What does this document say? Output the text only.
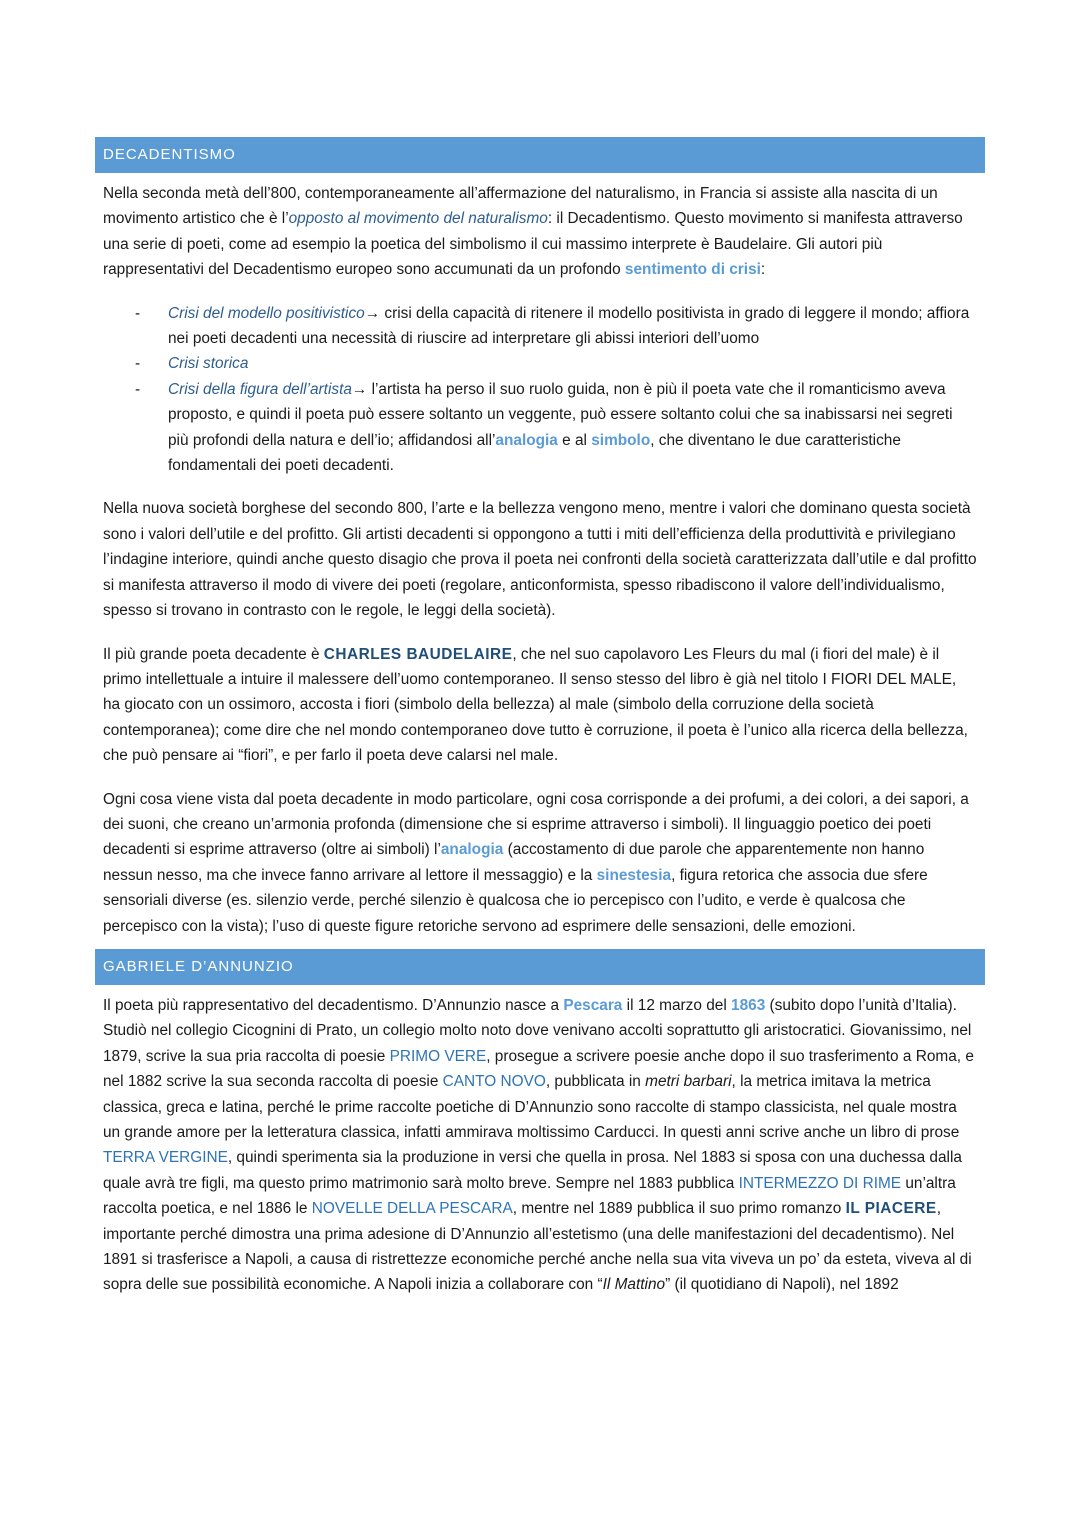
DECADENTISMO

Nella seconda metà dell’800, contemporaneamente all’affermazione del naturalismo, in Francia si assiste alla nascita di un movimento artistico che è l’opposto al movimento del naturalismo: il Decadentismo. Questo movimento si manifesta attraverso una serie di poeti, come ad esempio la poetica del simbolismo il cui massimo interprete è Baudelaire. Gli autori più rappresentativi del Decadentismo europeo sono accumunati da un profondo sentimento di crisi:

- Crisi del modello positivistico→ crisi della capacità di ritenere il modello positivista in grado di leggere il mondo; affiora nei poeti decadenti una necessità di riuscire ad interpretare gli abissi interiori dell’uomo
- Crisi storica
- Crisi della figura dell’artista→ l’artista ha perso il suo ruolo guida, non è più il poeta vate che il romanticismo aveva proposto, e quindi il poeta può essere soltanto un veggente, può essere soltanto colui che sa inabissarsi nei segreti più profondi della natura e dell’io; affidandosi all’analogia e al simbolo, che diventano le due caratteristiche fondamentali dei poeti decadenti.

Nella nuova società borghese del secondo 800, l’arte e la bellezza vengono meno, mentre i valori che dominano questa società sono i valori dell’utile e del profitto. Gli artisti decadenti si oppongono a tutti i miti dell’efficienza della produttività e privilegiano l’indagine interiore, quindi anche questo disagio che prova il poeta nei confronti della società caratterizzata dall’utile e dal profitto si manifesta attraverso il modo di vivere dei poeti (regolare, anticonformista, spesso ribadiscono il valore dell’individualismo, spesso si trovano in contrasto con le regole, le leggi della società).

Il più grande poeta decadente è CHARLES BAUDELAIRE, che nel suo capolavoro Les Fleurs du mal (i fiori del male) è il primo intellettuale a intuire il malessere dell’uomo contemporaneo. Il senso stesso del libro è già nel titolo I FIORI DEL MALE, ha giocato con un ossimoro, accosta i fiori (simbolo della bellezza) al male (simbolo della corruzione della società contemporanea); come dire che nel mondo contemporaneo dove tutto è corruzione, il poeta è l’unico alla ricerca della bellezza, che può pensare ai “fiori”, e per farlo il poeta deve calarsi nel male.

Ogni cosa viene vista dal poeta decadente in modo particolare, ogni cosa corrisponde a dei profumi, a dei colori, a dei sapori, a dei suoni, che creano un’armonia profonda (dimensione che si esprime attraverso i simboli). Il linguaggio poetico dei poeti decadenti si esprime attraverso (oltre ai simboli) l’analogia (accostamento di due parole che apparentemente non hanno nessun nesso, ma che invece fanno arrivare al lettore il messaggio) e la sinestesia, figura retorica che associa due sfere sensoriali diverse (es. silenzio verde, perché silenzio è qualcosa che io percepisco con l’udito, e verde è qualcosa che percepisco con la vista); l’uso di queste figure retoriche servono ad esprimere delle sensazioni, delle emozioni.

GABRIELE D’ANNUNZIO

Il poeta più rappresentativo del decadentismo. D’Annunzio nasce a Pescara il 12 marzo del 1863 (subito dopo l’unità d’Italia). Studiò nel collegio Cicognini di Prato, un collegio molto noto dove venivano accolti soprattutto gli aristocratici. Giovanissimo, nel 1879, scrive la sua pria raccolta di poesie PRIMO VERE, prosegue a scrivere poesie anche dopo il suo trasferimento a Roma, e nel 1882 scrive la sua seconda raccolta di poesie CANTO NOVO, pubblicata in metri barbari, la metrica imitava la metrica classica, greca e latina, perché le prime raccolte poetiche di D’Annunzio sono raccolte di stampo classicista, nel quale mostra un grande amore per la letteratura classica, infatti ammirava moltissimo Carducci. In questi anni scrive anche un libro di prose TERRA VERGINE, quindi sperimenta sia la produzione in versi che quella in prosa. Nel 1883 si sposa con una duchessa dalla quale avrà tre figli, ma questo primo matrimonio sarà molto breve. Sempre nel 1883 pubblica INTERMEZZO DI RIME un’altra raccolta poetica, e nel 1886 le NOVELLE DELLA PESCARA, mentre nel 1889 pubblica il suo primo romanzo IL PIACERE, importante perché dimostra una prima adesione di D’Annunzio all’estetismo (una delle manifestazioni del decadentismo). Nel 1891 si trasferisce a Napoli, a causa di ristrettezze economiche perché anche nella sua vita viveva un po’ da esteta, viveva al di sopra delle sue possibilità economiche. A Napoli inizia a collaborare con “Il Mattino” (il quotidiano di Napoli), nel 1892
